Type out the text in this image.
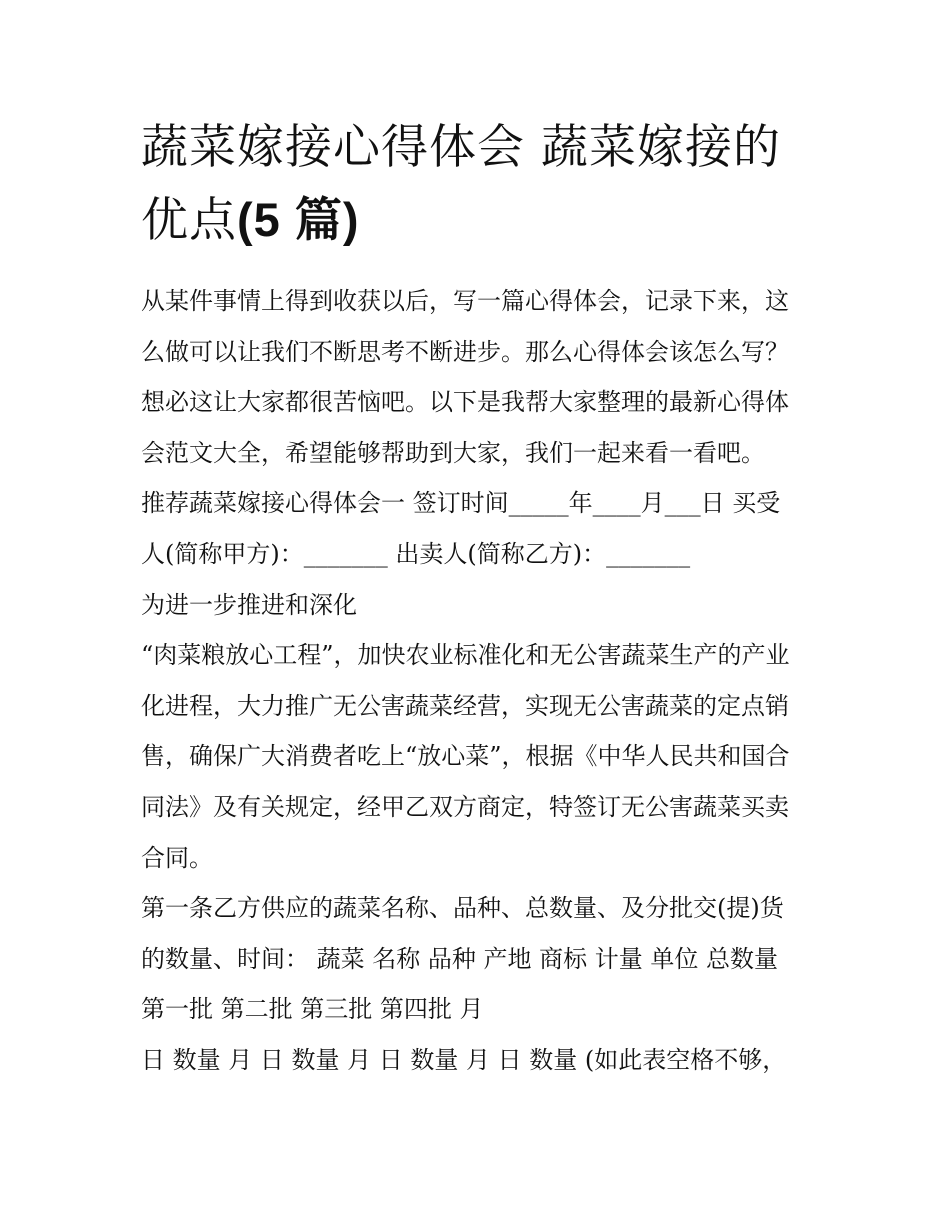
蔬菜嫁接心得体会 蔬菜嫁接的
优点(5 篇)
从某件事情上得到收获以后，写一篇心得体会，记录下来，这
么做可以让我们不断思考不断进步。那么心得体会该怎么写？
想必这让大家都很苦恼吧。以下是我帮大家整理的最新心得体
会范文大全，希望能够帮助到大家，我们一起来看一看吧。
推荐蔬菜嫁接心得体会一 签订时间_____年____月___日 买受
人(简称甲方)：_______ 出卖人(简称乙方)：_______
为进一步推进和深化
“肉菜粮放心工程”，加快农业标准化和无公害蔬菜生产的产业
化进程，大力推广无公害蔬菜经营，实现无公害蔬菜的定点销
售，确保广大消费者吃上“放心菜”，根据《中华人民共和国合
同法》及有关规定，经甲乙双方商定，特签订无公害蔬菜买卖
合同。
第一条乙方供应的蔬菜名称、品种、总数量、及分批交(提)货
的数量、时间： 蔬菜 名称 品种 产地 商标 计量 单位 总数量
第一批 第二批 第三批 第四批 月
日 数量 月 日 数量 月 日 数量 月 日 数量 (如此表空格不够，
